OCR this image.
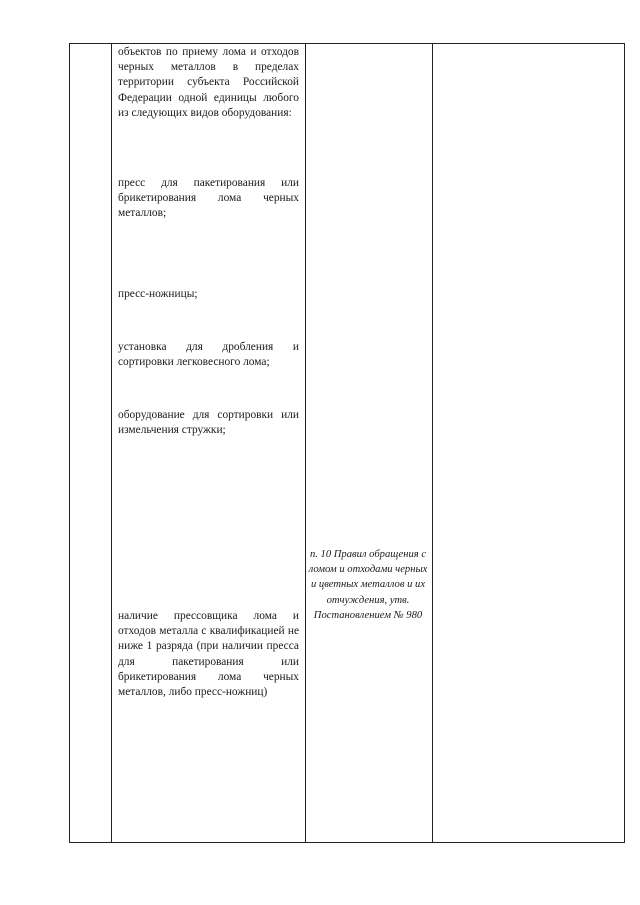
объектов по приему лома и отходов черных металлов в пределах территории субъекта Российской Федерации одной единицы любого из следующих видов оборудования:

пресс для пакетирования или брикетирования лома черных металлов;

пресс-ножницы;

установка для дробления и сортировки легковесного лома;

оборудование для сортировки или измельчения стружки;

наличие прессовщика лома и отходов металла с квалификацией не ниже 1 разряда (при наличии пресса для пакетирования или брикетирования лома черных металлов, либо пресс-ножниц)

п. 10 Правил обращения с ломом и отходами черных и цветных металлов и их отчуждения, утв. Постановлением № 980
